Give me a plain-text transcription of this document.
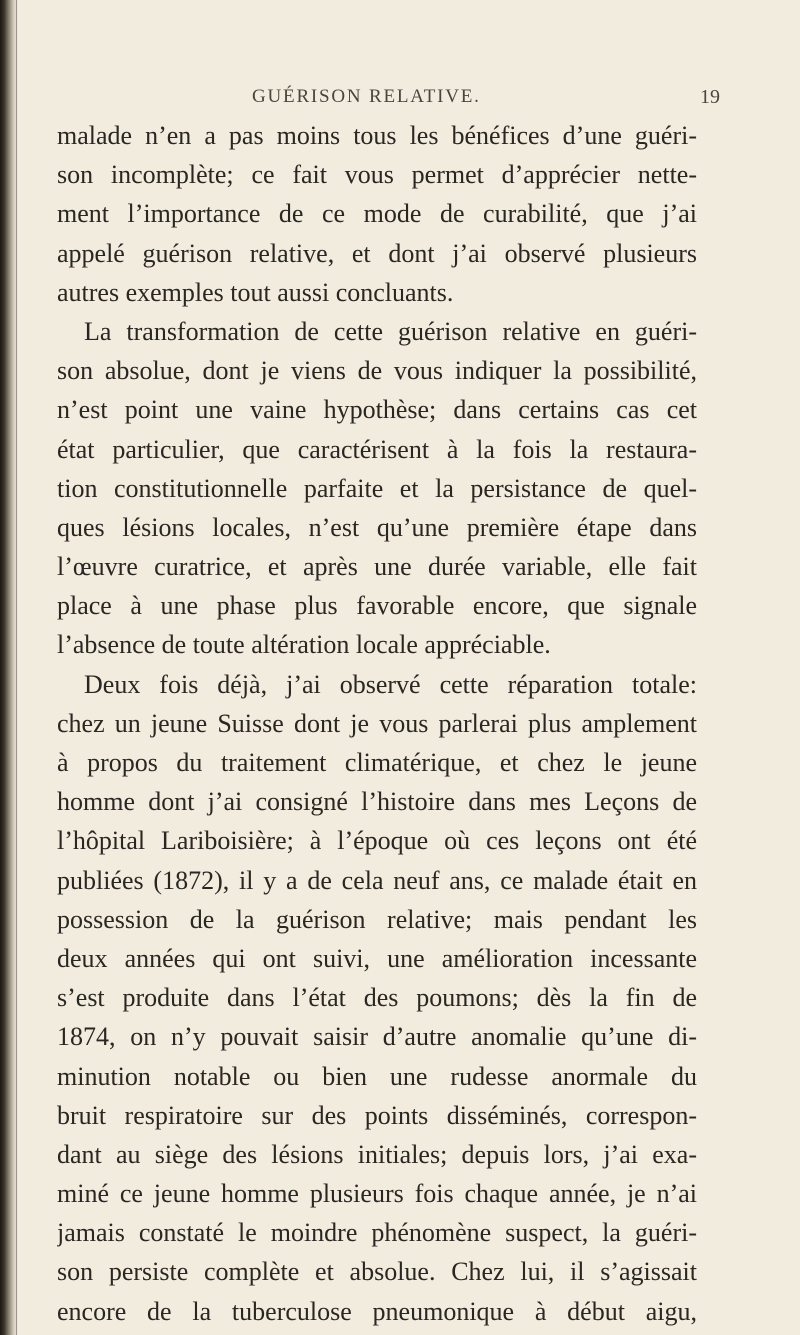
GUÉRISON RELATIVE.	19
malade n’en a pas moins tous les bénéfices d’une guéri-
son incomplète; ce fait vous permet d’apprécier nette-
ment l’importance de ce mode de curabilité, que j’ai
appelé guérison relative, et dont j’ai observé plusieurs
autres exemples tout aussi concluants.
La transformation de cette guérison relative en guéri-
son absolue, dont je viens de vous indiquer la possibilité,
n’est point une vaine hypothèse; dans certains cas cet
état particulier, que caractérisent à la fois la restaura-
tion constitutionnelle parfaite et la persistance de quel-
ques lésions locales, n’est qu’une première étape dans
l’œuvre curatrice, et après une durée variable, elle fait
place à une phase plus favorable encore, que signale
l’absence de toute altération locale appréciable.
Deux fois déjà, j’ai observé cette réparation totale:
chez un jeune Suisse dont je vous parlerai plus amplement
à propos du traitement climatérique, et chez le jeune
homme dont j’ai consigné l’histoire dans mes Leçons de
l’hôpital Lariboisière; à l’époque où ces leçons ont été
publiées (1872), il y a de cela neuf ans, ce malade était en
possession de la guérison relative; mais pendant les
deux années qui ont suivi, une amélioration incessante
s’est produite dans l’état des poumons; dès la fin de
1874, on n’y pouvait saisir d’autre anomalie qu’une di-
minution notable ou bien une rudesse anormale du
bruit respiratoire sur des points disséminés, correspon-
dant au siège des lésions initiales; depuis lors, j’ai exa-
miné ce jeune homme plusieurs fois chaque année, je n’ai
jamais constaté le moindre phénomène suspect, la guéri-
son persiste complète et absolue. Chez lui, il s’agissait
encore de la tuberculose pneumonique à début aigu,
